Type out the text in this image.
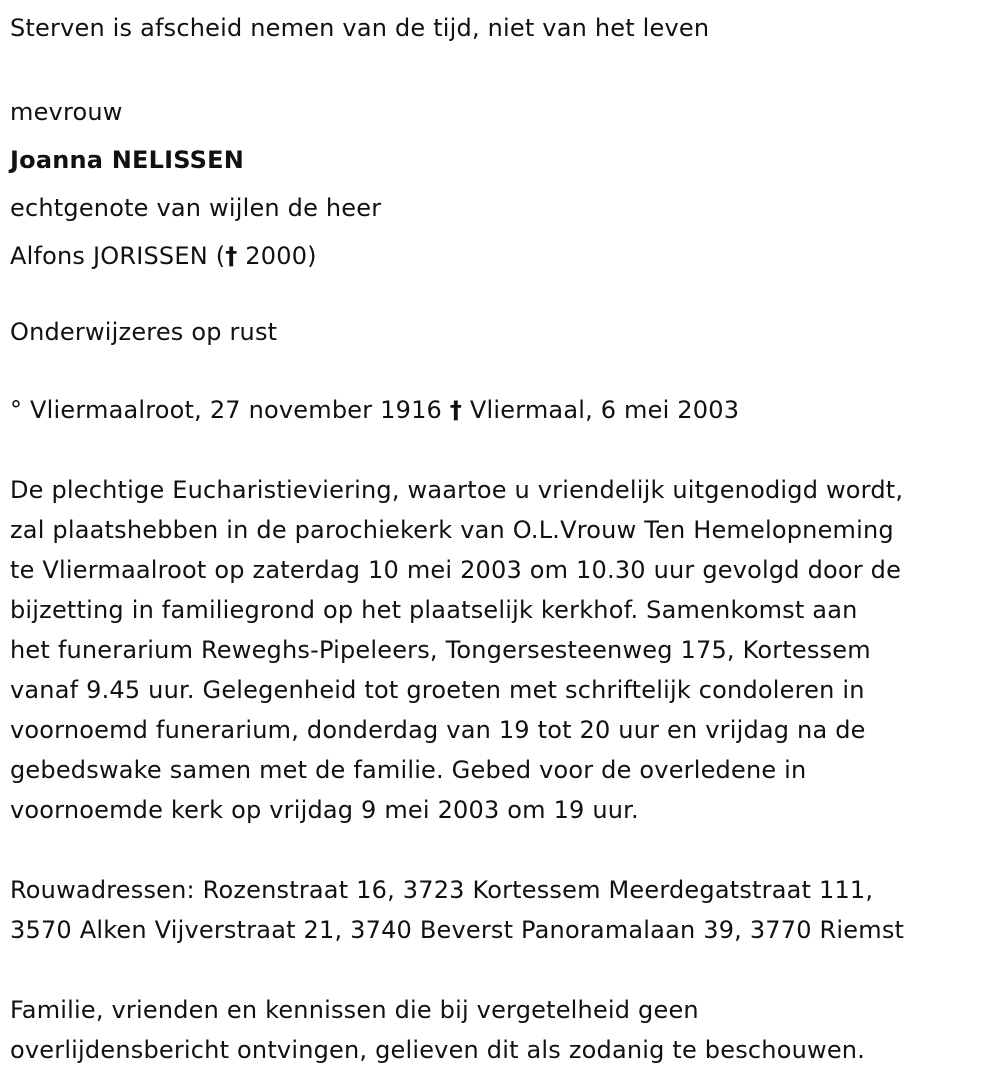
Sterven is afscheid nemen van de tijd, niet van het leven

mevrouw

Joanna NELISSEN

echtgenote van wijlen de heer

Alfons JORISSEN († 2000)

Onderwijzeres op rust

° Vliermaalroot, 27 november 1916 † Vliermaal, 6 mei 2003

De plechtige Eucharistieviering, waartoe u vriendelijk uitgenodigd wordt,

zal plaatshebben in de parochiekerk van O.L.Vrouw Ten Hemelopneming

te Vliermaalroot op zaterdag 10 mei 2003 om 10.30 uur gevolgd door de

bijzetting in familiegrond op het plaatselijk kerkhof. Samenkomst aan

het funerarium Reweghs-Pipeleers, Tongersesteenweg 175, Kortessem

vanaf 9.45 uur. Gelegenheid tot groeten met schriftelijk condoleren in

voornoemd funerarium, donderdag van 19 tot 20 uur en vrijdag na de

gebedswake samen met de familie. Gebed voor de overledene in

voornoemde kerk op vrijdag 9 mei 2003 om 19 uur.

Rouwadressen: Rozenstraat 16, 3723 Kortessem Meerdegatstraat 111,

3570 Alken Vijverstraat 21, 3740 Beverst Panoramalaan 39, 3770 Riemst

Familie, vrienden en kennissen die bij vergetelheid geen

overlijdensbericht ontvingen, gelieven dit als zodanig te beschouwen.
